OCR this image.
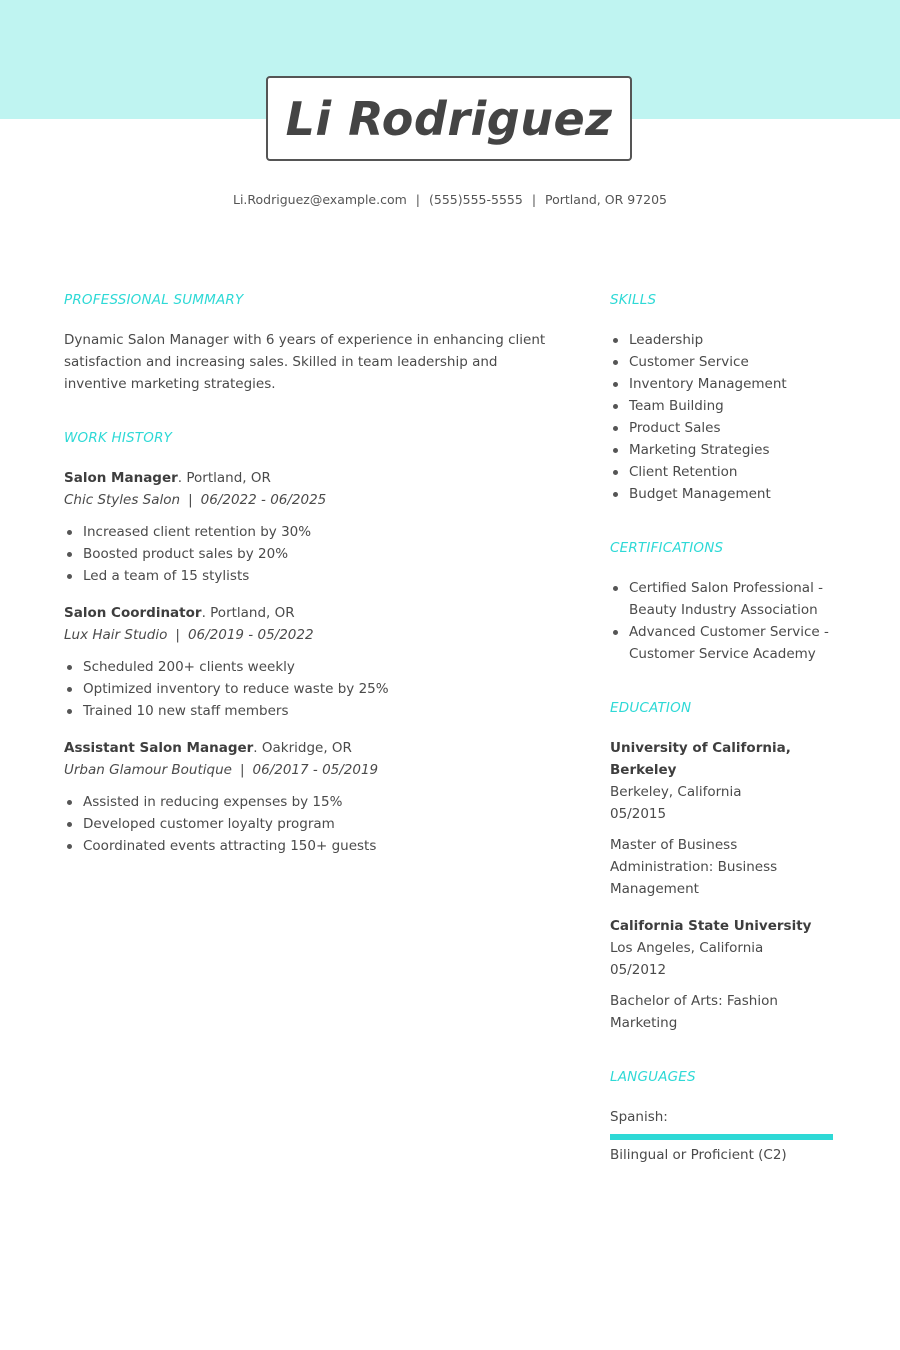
Li Rodriguez
Li.Rodriguez@example.com | (555)555-5555 | Portland, OR 97205
PROFESSIONAL SUMMARY

Dynamic Salon Manager with 6 years of experience in enhancing client satisfaction and increasing sales. Skilled in team leadership and inventive marketing strategies.

WORK HISTORY
Salon Manager. Portland, OR
Chic Styles Salon | 06/2022 - 06/2025
Increased client retention by 30%
Boosted product sales by 20%
Led a team of 15 stylists
Salon Coordinator. Portland, OR
Lux Hair Studio | 06/2019 - 05/2022
Scheduled 200+ clients weekly
Optimized inventory to reduce waste by 25%
Trained 10 new staff members
Assistant Salon Manager. Oakridge, OR
Urban Glamour Boutique | 06/2017 - 05/2019
Assisted in reducing expenses by 15%
Developed customer loyalty program
Coordinated events attracting 150+ guests
SKILLS
Leadership
Customer Service
Inventory Management
Team Building
Product Sales
Marketing Strategies
Client Retention
Budget Management
CERTIFICATIONS
Certified Salon Professional - Beauty Industry Association
Advanced Customer Service - Customer Service Academy
EDUCATION
University of California, Berkeley
Berkeley, California
05/2015
Master of Business Administration: Business Management
California State University
Los Angeles, California
05/2012
Bachelor of Arts: Fashion Marketing
LANGUAGES
Spanish:
Bilingual or Proficient (C2)
